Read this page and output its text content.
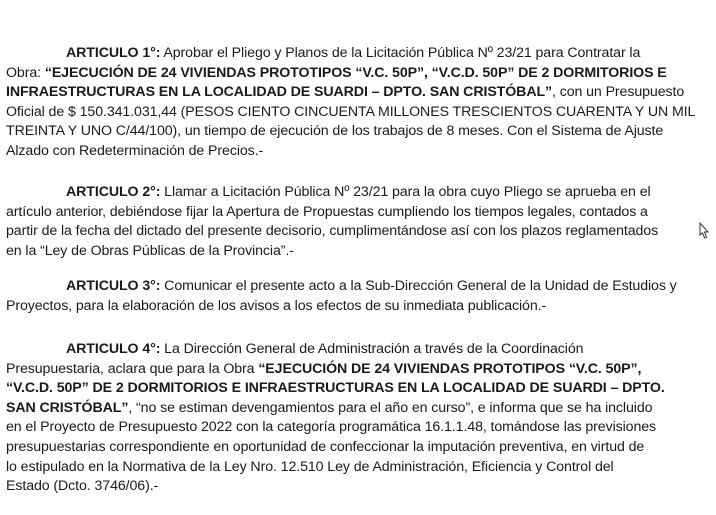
ARTICULO 1°: Aprobar el Pliego y Planos de la Licitación Pública Nº 23/21 para Contratar la
Obra: “EJECUCIÓN DE 24 VIVIENDAS PROTOTIPOS “V.C. 50P”, “V.C.D. 50P” DE 2 DORMITORIOS E
INFRAESTRUCTURAS EN LA LOCALIDAD DE SUARDI – DPTO. SAN CRISTÓBAL”, con un Presupuesto
Oficial de $ 150.341.031,44 (PESOS CIENTO CINCUENTA MILLONES TRESCIENTOS CUARENTA Y UN MIL
TREINTA Y UNO C/44/100), un tiempo de ejecución de los trabajos de 8 meses. Con el Sistema de Ajuste
Alzado con Redeterminación de Precios.-
ARTICULO 2°: Llamar a Licitación Pública Nº 23/21 para la obra cuyo Pliego se aprueba en el
artículo anterior, debiéndose fijar la Apertura de Propuestas cumpliendo los tiempos legales, contados a
partir de la fecha del dictado del presente decisorio, cumplimentándose así con los plazos reglamentados
en la “Ley de Obras Públicas de la Provincia”.-
ARTICULO 3°: Comunicar el presente acto a la Sub-Dirección General de la Unidad de Estudios y
Proyectos, para la elaboración de los avisos a los efectos de su inmediata publicación.-
ARTICULO 4°: La Dirección General de Administración a través de la Coordinación
Presupuestaria, aclara que para la Obra “EJECUCIÓN DE 24 VIVIENDAS PROTOTIPOS “V.C. 50P”,
“V.C.D. 50P” DE 2 DORMITORIOS E INFRAESTRUCTURAS EN LA LOCALIDAD DE SUARDI – DPTO.
SAN CRISTÓBAL”, “no se estiman devengamientos para el año en curso”, e informa que se ha incluido
en el Proyecto de Presupuesto 2022 con la categoría programática 16.1.1.48, tomándose las previsiones
presupuestarias correspondiente en oportunidad de confeccionar la imputación preventiva, en virtud de
lo estipulado en la Normativa de la Ley Nro. 12.510 Ley de Administración, Eficiencia y Control del
Estado (Dcto. 3746/06).-
